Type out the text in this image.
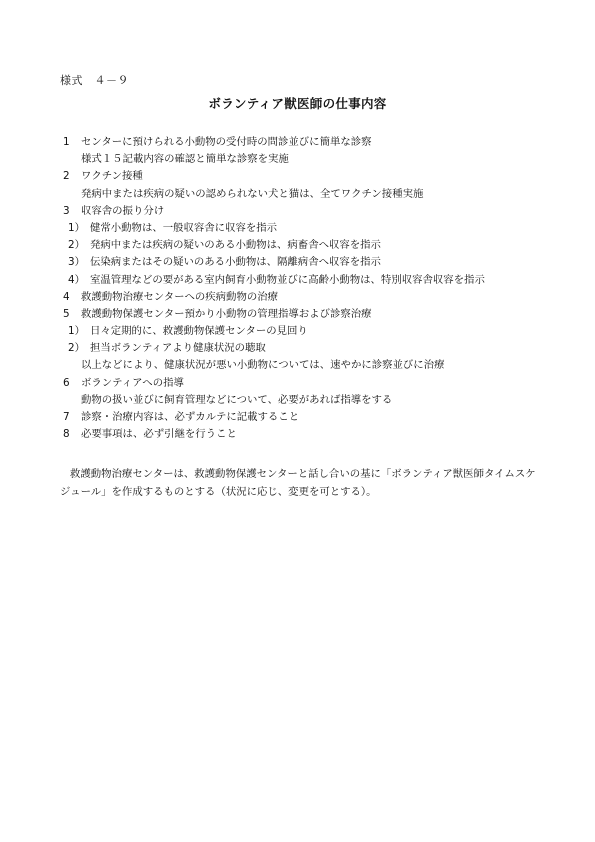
様式　４－９
ボランティア獣医師の仕事内容
1 センターに預けられる小動物の受付時の問診並びに簡単な診察
様式１５記載内容の確認と簡単な診察を実施
2 ワクチン接種
発病中または疾病の疑いの認められない犬と猫は、全てワクチン接種実施
3 収容舎の振り分け
1） 健常小動物は、一般収容舎に収容を指示
2） 発病中または疾病の疑いのある小動物は、病畜舎へ収容を指示
3） 伝染病またはその疑いのある小動物は、隔離病舎へ収容を指示
4） 室温管理などの要がある室内飼育小動物並びに高齢小動物は、特別収容舎収容を指示
4 救護動物治療センターへの疾病動物の治療
5 救護動物保護センター預かり小動物の管理指導および診察治療
1） 日々定期的に、救護動物保護センターの見回り
2） 担当ボランティアより健康状況の聴取
以上などにより、健康状況が悪い小動物については、速やかに診察並びに治療
6 ボランティアへの指導
動物の扱い並びに飼育管理などについて、必要があれば指導をする
7 診察・治療内容は、必ずカルテに記載すること
8 必要事項は、必ず引継を行うこと

救護動物治療センターは、救護動物保護センターと話し合いの基に「ボランティア獣医師タイムスケジュール」を作成するものとする（状況に応じ、変更を可とする）。
